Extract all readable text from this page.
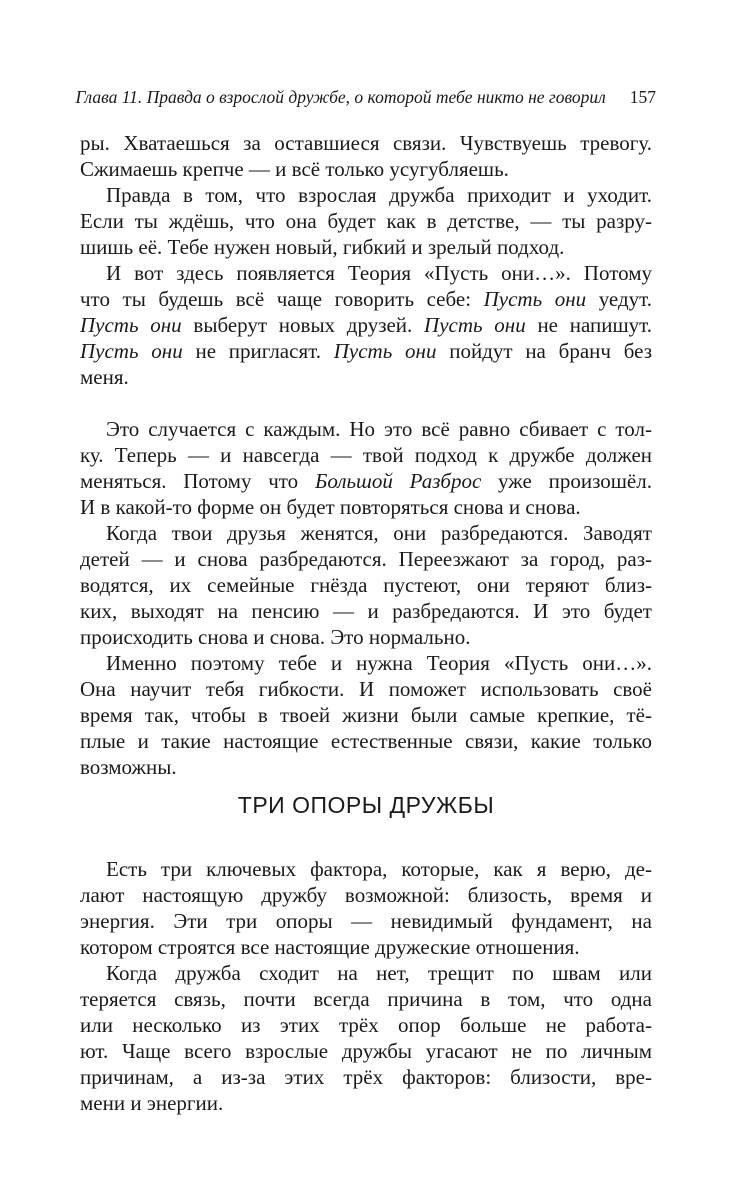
Глава 11. Правда о взрослой дружбе, о которой тебе никто не говорил 157
ры. Хватаешься за оставшиеся связи. Чувствуешь тревогу.
Сжимаешь крепче — и всё только усугубляешь.
Правда в том, что взрослая дружба приходит и уходит.
Если ты ждёшь, что она будет как в детстве, — ты разру-
шишь её. Тебе нужен новый, гибкий и зрелый подход.
И вот здесь появляется Теория «Пусть они…». Потому
что ты будешь всё чаще говорить себе: Пусть они уедут.
Пусть они выберут новых друзей. Пусть они не напишут.
Пусть они не пригласят. Пусть они пойдут на бранч без
меня.
Это случается с каждым. Но это всё равно сбивает с тол-
ку. Теперь — и навсегда — твой подход к дружбе должен
меняться. Потому что Большой Разброс уже произошёл.
И в какой-то форме он будет повторяться снова и снова.
Когда твои друзья женятся, они разбредаются. Заводят
детей — и снова разбредаются. Переезжают за город, раз-
водятся, их семейные гнёзда пустеют, они теряют близ-
ких, выходят на пенсию — и разбредаются. И это будет
происходить снова и снова. Это нормально.
Именно поэтому тебе и нужна Теория «Пусть они…».
Она научит тебя гибкости. И поможет использовать своё
время так, чтобы в твоей жизни были самые крепкие, тё-
плые и такие настоящие естественные связи, какие только
возможны.
ТРИ ОПОРЫ ДРУЖБЫ
Есть три ключевых фактора, которые, как я верю, де-
лают настоящую дружбу возможной: близость, время и
энергия. Эти три опоры — невидимый фундамент, на
котором строятся все настоящие дружеские отношения.
Когда дружба сходит на нет, трещит по швам или
теряется связь, почти всегда причина в том, что одна
или несколько из этих трёх опор больше не работа-
ют. Чаще всего взрослые дружбы угасают не по личным
причинам, а из-за этих трёх факторов: близости, вре-
мени и энергии.
